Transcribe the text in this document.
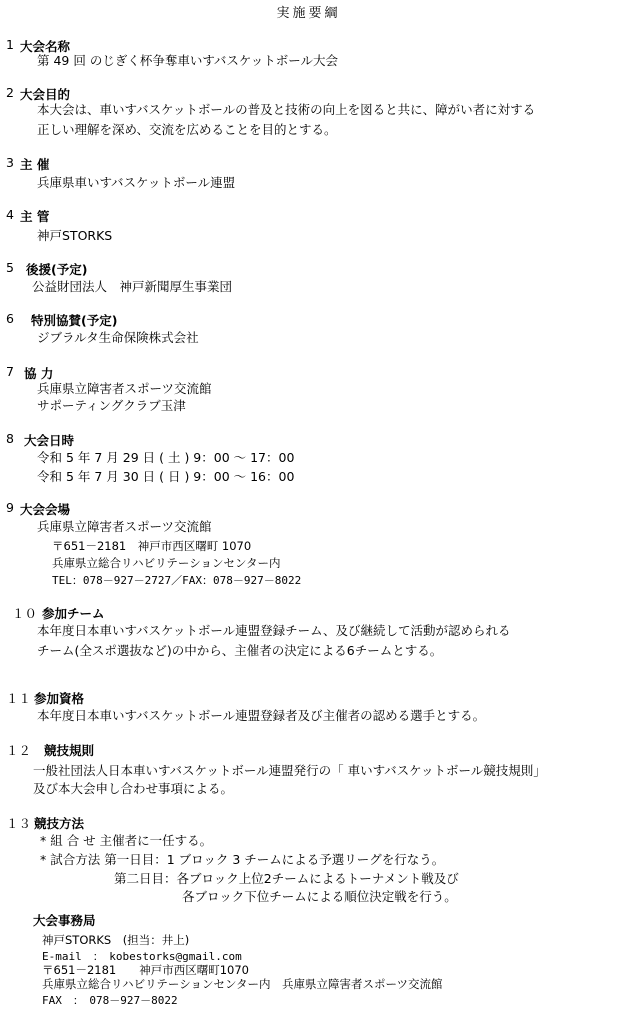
実施要綱
1 大会名称
第 49 回 のじぎく杯争奪車いすバスケットボール大会
2 大会目的
本大会は、車いすバスケットボールの普及と技術の向上を図ると共に、障がい者に対する
正しい理解を深め、交流を広めることを目的とする。
3 主 催
兵庫県車いすバスケットボール連盟
4 主 管
神戸STORKS
5 後援(予定)
公益財団法人　神戸新聞厚生事業団
6 特別協賛(予定)
ジブラルタ生命保険株式会社
7 協 力
兵庫県立障害者スポーツ交流館
サポーティングクラブ玉津
8 大会日時
令和 5 年 7 月 29 日 ( 土 ) 9：00 ～ 17：00
令和 5 年 7 月 30 日 ( 日 ) 9：00 ～ 16：00
9 大会会場
兵庫県立障害者スポーツ交流館
〒651－2181　神戸市西区曙町 1070
兵庫県立総合リハビリテーションセンター内
TEL：078－927－2727／FAX：078－927－8022
１０ 参加チーム
本年度日本車いすバスケットボール連盟登録チーム、及び継続して活動が認められる
チーム(全スポ選抜など)の中から、主催者の決定による6チームとする。
１１ 参加資格
本年度日本車いすバスケットボール連盟登録者及び主催者の認める選手とする。
１２ 競技規則
一般社団法人日本車いすバスケットボール連盟発行の「 車いすバスケットボール競技規則」
及び本大会申し合わせ事項による。
１３ 競技方法
* 組 合 せ 主催者に一任する。
* 試合方法 第一日目：1 ブロック 3 チームによる予選リーグを行なう。
第二日目：各ブロック上位2チームによるトーナメント戦及び
各ブロック下位チームによる順位決定戦を行う。
大会事務局
神戸STORKS　(担当：井上)
E-mail　：　kobestorks@gmail.com
〒651－2181　　神戸市西区曙町1070
兵庫県立総合リハビリテーションセンター内　兵庫県立障害者スポーツ交流館
FAX　：　078－927－8022
